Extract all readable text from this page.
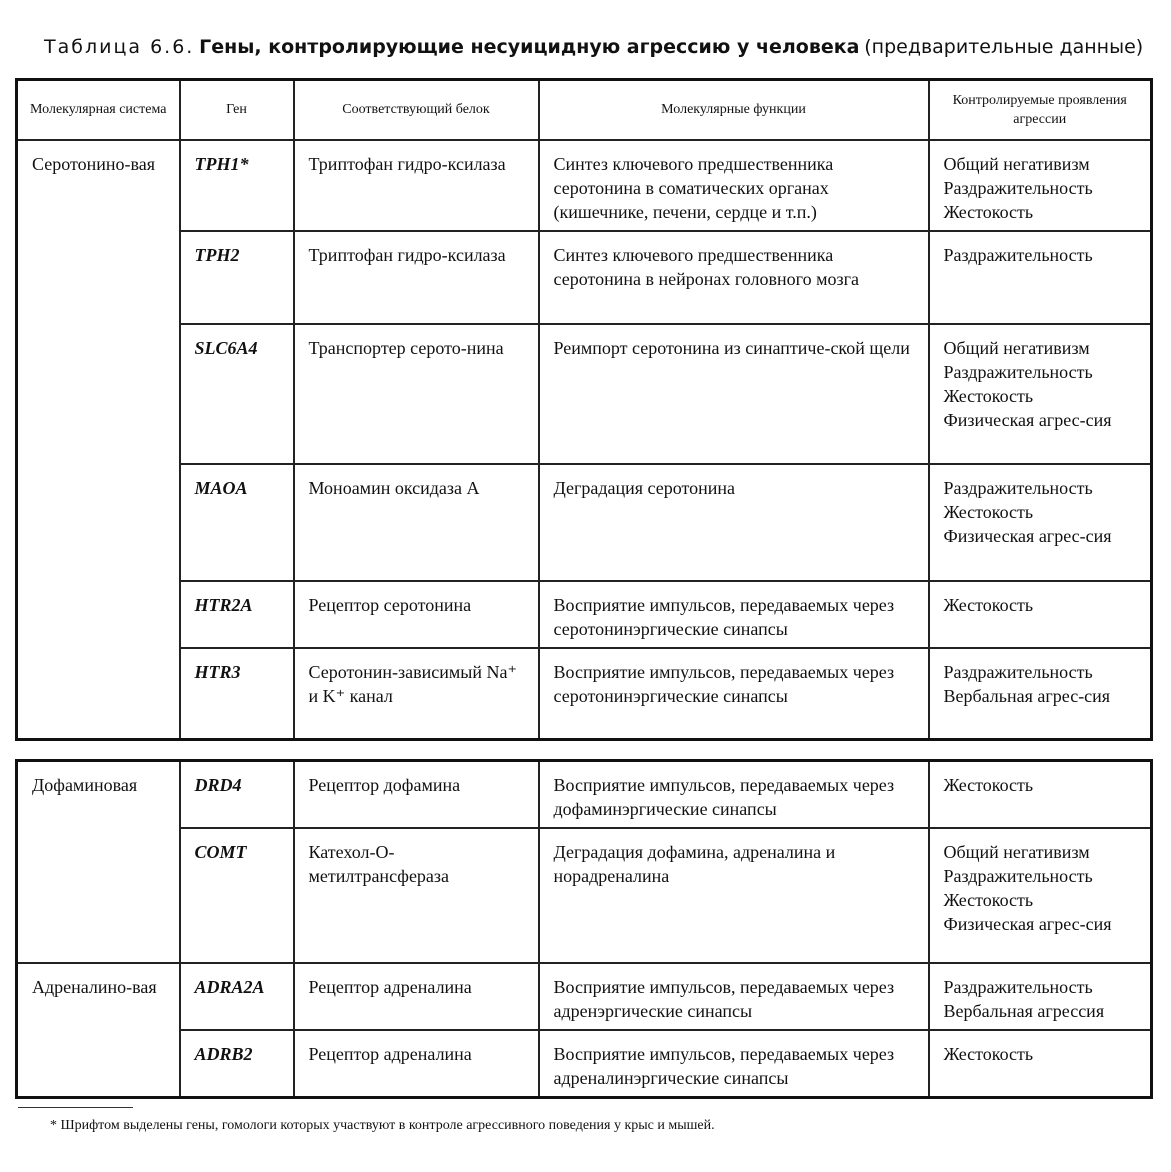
Таблица 6.6. Гены, контролирующие несуицидную агрессию у человека (предварительные данные)
Молекулярная система	Ген	Соответствующий белок	Молекулярные функции	Контролируемые проявления агрессии
Серотонино-вая	TPH1*	Триптофан гидро-ксилаза	Синтез ключевого предшественника серотонина в соматических органах (кишечнике, печени, сердце и т.п.)	Общий негативизм
Раздражительность
Жестокость

	TPH2	Триптофан гидро-ксилаза	Синтез ключевого предшественника серотонина в нейронах головного мозга	Раздражительность

	SLC6A4	Транспортер серото-нина	Реимпорт серотонина из синаптиче-ской щели	Общий негативизм
Раздражительность
Жестокость
Физическая агрес-сия

	MAOA	Моноамин оксидаза А	Деградация серотонина	Раздражительность
Жестокость
Физическая агрес-сия

	HTR2A	Рецептор серотонина	Восприятие импульсов, передаваемых через серотонинэргические синапсы	Жестокость

	HTR3	Серотонин-зависимый Na⁺ и K⁺ канал	Восприятие импульсов, передаваемых через серотонинэргические синапсы	Раздражительность
Вербальная агрес-сия
Дофаминовая	DRD4	Рецептор дофамина	Восприятие импульсов, передаваемых через дофаминэргические синапсы	Жестокость

	COMT	Катехол-О-метилтрансфераза	Деградация дофамина, адреналина и норадреналина	Общий негативизм
Раздражительность
Жестокость
Физическая агрес-сия

Адреналино-вая	ADRA2A	Рецептор адреналина	Восприятие импульсов, передаваемых через адренэргические синапсы	Раздражительность
Вербальная агрессия

	ADRB2	Рецептор адреналина	Восприятие импульсов, передаваемых через адреналинэргические синапсы	Жестокость
* Шрифтом выделены гены, гомологи которых участвуют в контроле агрессивного поведения у крыс и мышей.
